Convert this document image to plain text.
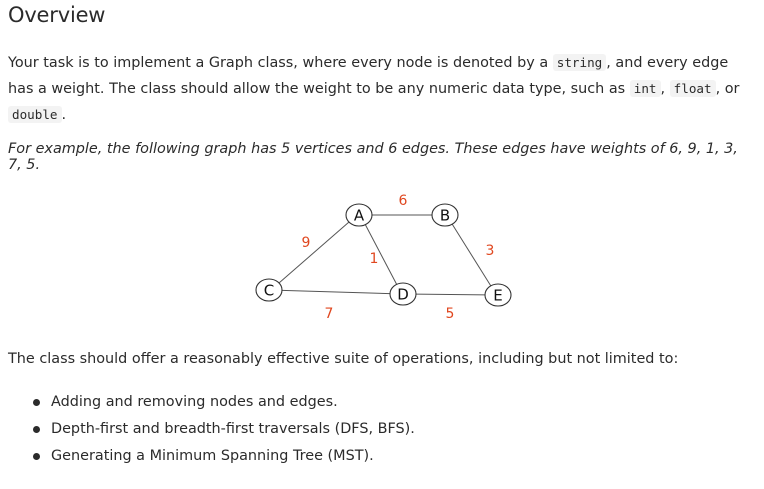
Overview

Your task is to implement a Graph class, where every node is denoted by a string , and every edge has a weight. The class should allow the weight to be any numeric data type, such as int , float , or double .

For example, the following graph has 5 vertices and 6 edges. These edges have weights of 6, 9, 1, 3, 7, 5.

6
9
1	3
7	5
A	B
C	D	E

The class should offer a reasonably effective suite of operations, including but not limited to:

Adding and removing nodes and edges.
Depth-first and breadth-first traversals (DFS, BFS).
Generating a Minimum Spanning Tree (MST).
